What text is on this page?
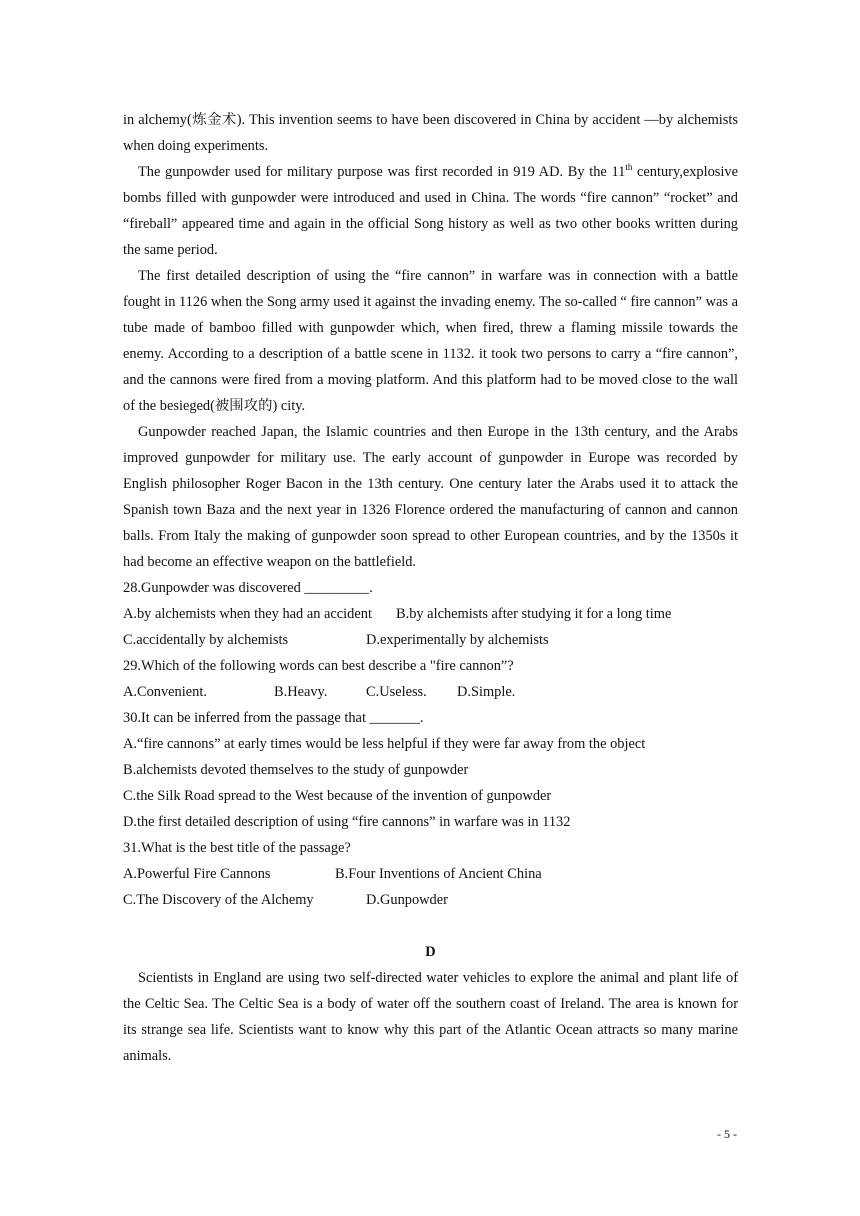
in alchemy(炼金术). This invention seems to have been discovered in China by accident —by alchemists when doing experiments.

The gunpowder used for military purpose was first recorded in 919 AD. By the 11th century,explosive bombs filled with gunpowder were introduced and used in China. The words “fire cannon” “rocket” and “fireball” appeared time and again in the official Song history as well as two other books written during the same period.

The first detailed description of using the “fire cannon” in warfare was in connection with a battle fought in 1126 when the Song army used it against the invading enemy. The so-called “ fire cannon” was a tube made of bamboo filled with gunpowder which, when fired, threw a flaming missile towards the enemy. According to a description of a battle scene in 1132. it took two persons to carry a “fire cannon”, and the cannons were fired from a moving platform. And this platform had to be moved close to the wall of the besieged(被围攻的) city.

Gunpowder reached Japan, the Islamic countries and then Europe in the 13th century, and the Arabs improved gunpowder for military use. The early account of gunpowder in Europe was recorded by English philosopher Roger Bacon in the 13th century. One century later the Arabs used it to attack the Spanish town Baza and the next year in 1326 Florence ordered the manufacturing of cannon and cannon balls. From Italy the making of gunpowder soon spread to other European countries, and by the 1350s it had become an effective weapon on the battlefield.

28.Gunpowder was discovered _________.

A.by alchemists when they had an accident	B.by alchemists after studying it for a long time
C.accidentally by alchemists	D.experimentally by alchemists

29.Which of the following words can best describe a "fire cannon”?

A.Convenient.	B.Heavy.	C.Useless.	D.Simple.

30.It can be inferred from the passage that _______.

A.“fire cannons” at early times would be less helpful if they were far away from the object

B.alchemists devoted themselves to the study of gunpowder

C.the Silk Road spread to the West because of the invention of gunpowder

D.the first detailed description of using “fire cannons” in warfare was in 1132

31.What is the best title of the passage?

A.Powerful Fire Cannons	B.Four Inventions of Ancient China
C.The Discovery of the Alchemy	D.Gunpowder

D

Scientists in England are using two self-directed water vehicles to explore the animal and plant life of the Celtic Sea. The Celtic Sea is a body of water off the southern coast of Ireland. The area is known for its strange sea life. Scientists want to know why this part of the Atlantic Ocean attracts so many marine animals.

- 5 -
